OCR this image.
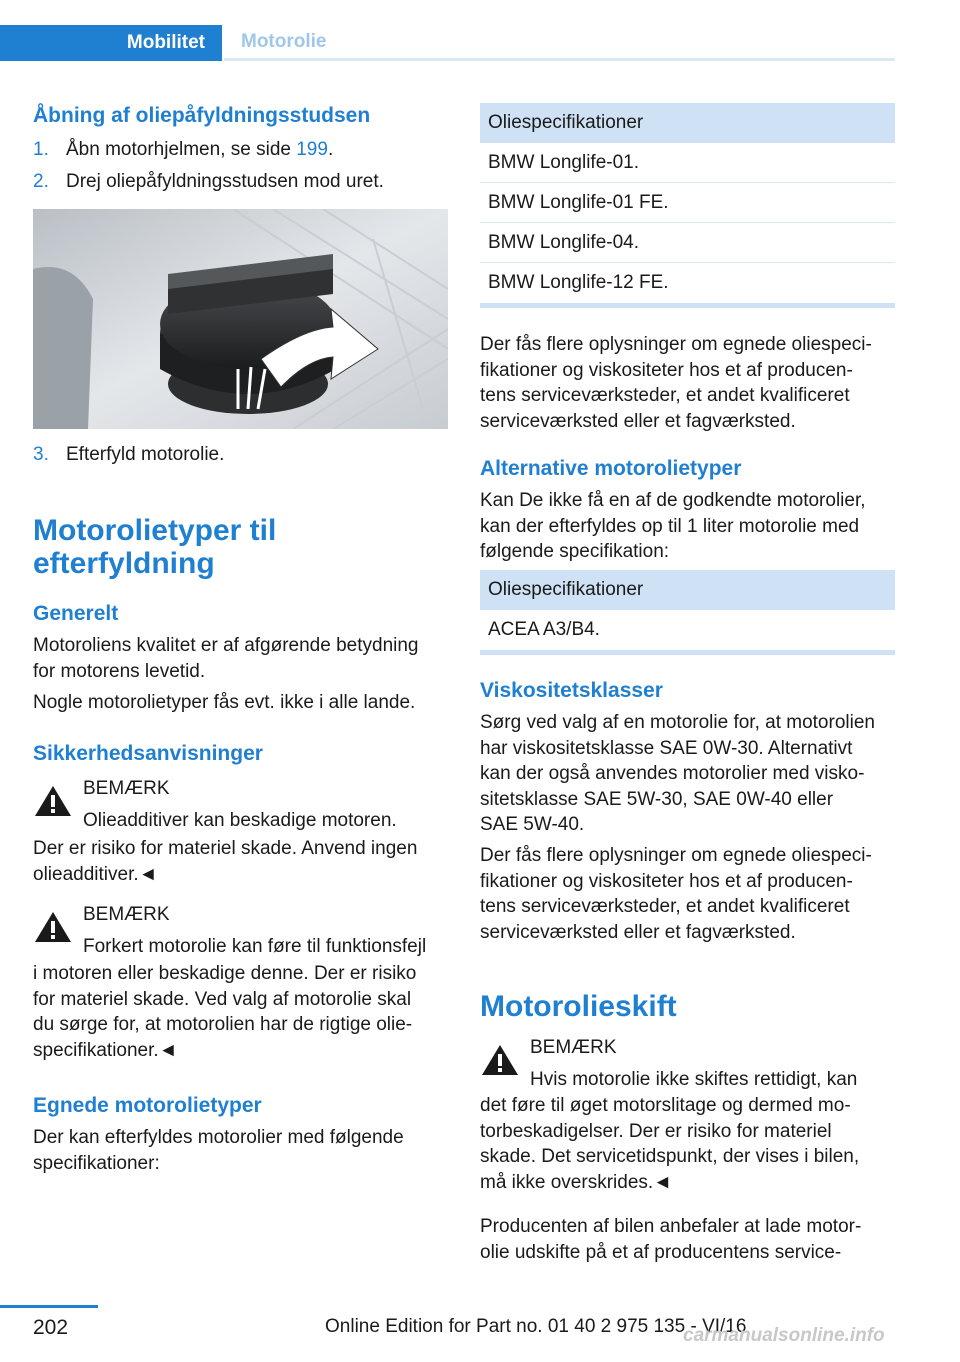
Mobilitet Motorolie
Åbning af oliepåfyldningsstudsen
1. Åbn motorhjelmen, se side 199.
2. Drej oliepåfyldningsstudsen mod uret.
3. Efterfyld motorolie.
Motorolietyper til
efterfyldning
Generelt

Motoroliens kvalitet er af afgørende betydning

for motorens levetid.

Nogle motorolietyper fås evt. ikke i alle lande.

Sikkerhedsanvisninger

BEMÆRK

Olieadditiver kan beskadige motoren.

Der er risiko for materiel skade. Anvend ingen

olieadditiver.◄

BEMÆRK

Forkert motorolie kan føre til funktionsfejl

i motoren eller beskadige denne. Der er risiko

for materiel skade. Ved valg af motorolie skal

du sørge for, at motorolien har de rigtige olie‐

specifikationer.◄

Egnede motorolietyper

Der kan efterfyldes motorolier med følgende

specifikationer:

Oliespecifikationer
BMW Longlife-01.
BMW Longlife-01 FE.
BMW Longlife-04.
BMW Longlife-12 FE.

Der fås flere oplysninger om egnede oliespeci‐

fikationer og viskositeter hos et af producen‐

tens serviceværksteder, et andet kvalificeret

serviceværksted eller et fagværksted.

Alternative motorolietyper

Kan De ikke få en af de godkendte motorolier,

kan der efterfyldes op til 1 liter motorolie med

følgende specifikation:

Oliespecifikationer
ACEA A3/B4.
Viskositetsklasser

Sørg ved valg af en motorolie for, at motorolien

har viskositetsklasse SAE 0W-30. Alternativt

kan der også anvendes motorolier med visko‐

sitetsklasse SAE 5W-30, SAE 0W-40 eller

SAE 5W-40.

Der fås flere oplysninger om egnede oliespeci‐

fikationer og viskositeter hos et af producen‐

tens serviceværksteder, et andet kvalificeret

serviceværksted eller et fagværksted.

Motorolieskift

BEMÆRK

Hvis motorolie ikke skiftes rettidigt, kan

det føre til øget motorslitage og dermed mo‐

torbeskadigelser. Der er risiko for materiel

skade. Det servicetidspunkt, der vises i bilen,

må ikke overskrides.◄

Producenten af bilen anbefaler at lade motor‐

olie udskifte på et af producentens service‐

202	Online Edition for Part no. 01 40 2 975 135 - VI/16
carmanualsonline.info
